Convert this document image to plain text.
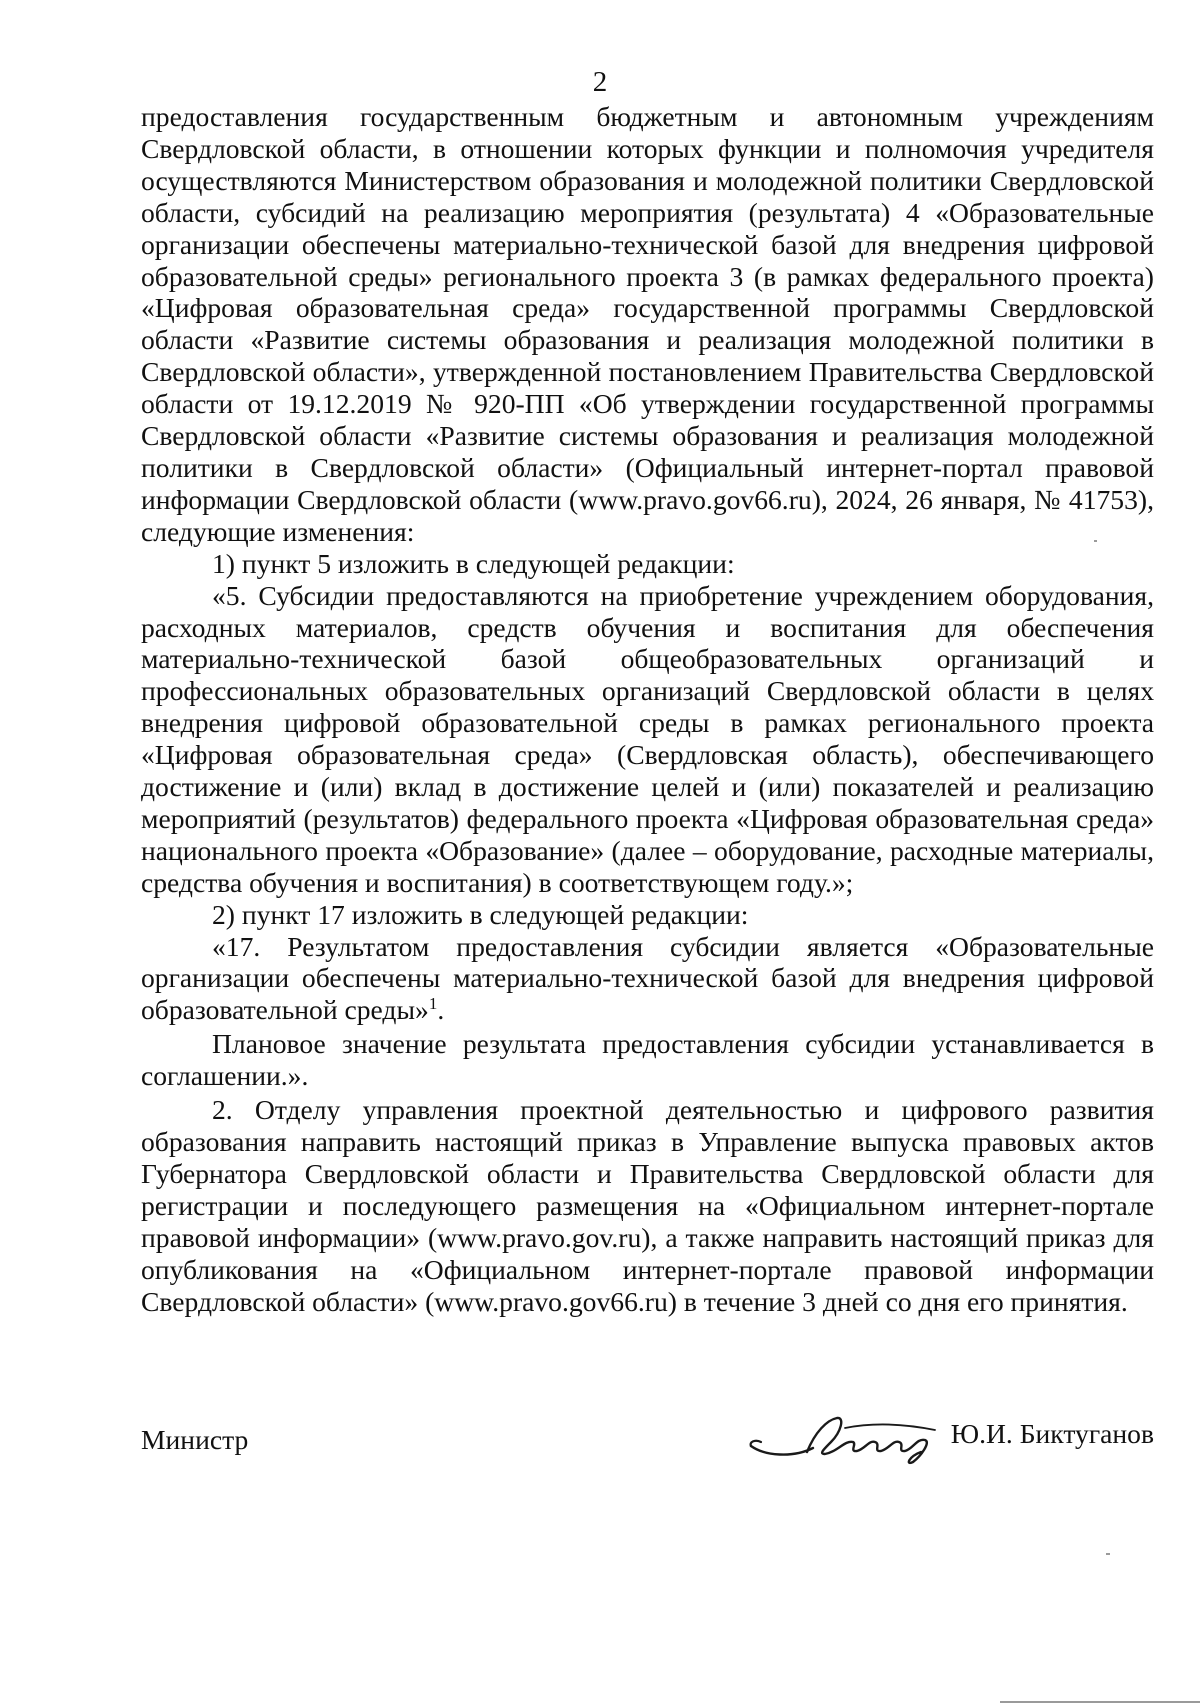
2

предоставления государственным бюджетным и автономным учреждениям Свердловской области, в отношении которых функции и полномочия учредителя осуществляются Министерством образования и молодежной политики Свердловской области, субсидий на реализацию мероприятия (результата) 4 «Образовательные организации обеспечены материально-технической базой для внедрения цифровой образовательной среды» регионального проекта 3 (в рамках федерального проекта) «Цифровая образовательная среда» государственной программы Свердловской области «Развитие системы образования и реализация молодежной политики в Свердловской области», утвержденной постановлением Правительства Свердловской области от 19.12.2019 № 920-ПП «Об утверждении государственной программы Свердловской области «Развитие системы образования и реализация молодежной политики в Свердловской области» (Официальный интернет-портал правовой информации Свердловской области (www.pravo.gov66.ru), 2024, 26 января, № 41753), следующие изменения:

1) пункт 5 изложить в следующей редакции:

«5. Субсидии предоставляются на приобретение учреждением оборудования, расходных материалов, средств обучения и воспитания для обеспечения материально-технической базой общеобразовательных организаций и профессиональных образовательных организаций Свердловской области в целях внедрения цифровой образовательной среды в рамках регионального проекта «Цифровая образовательная среда» (Свердловская область), обеспечивающего достижение и (или) вклад в достижение целей и (или) показателей и реализацию мероприятий (результатов) федерального проекта «Цифровая образовательная среда» национального проекта «Образование» (далее – оборудование, расходные материалы, средства обучения и воспитания) в соответствующем году.»;

2) пункт 17 изложить в следующей редакции:

«17. Результатом предоставления субсидии является «Образовательные организации обеспечены материально-технической базой для внедрения цифровой образовательной среды»$^1$.

Плановое значение результата предоставления субсидии устанавливается в соглашении.».

2. Отделу управления проектной деятельностью и цифрового развития образования направить настоящий приказ в Управление выпуска правовых актов Губернатора Свердловской области и Правительства Свердловской области для регистрации и последующего размещения на «Официальном интернет-портале правовой информации» (www.pravo.gov.ru), а также направить настоящий приказ для опубликования на «Официальном интернет-портале правовой информации Свердловской области» (www.pravo.gov66.ru) в течение 3 дней со дня его принятия.

Министр	Ю.И. Биктуганов
